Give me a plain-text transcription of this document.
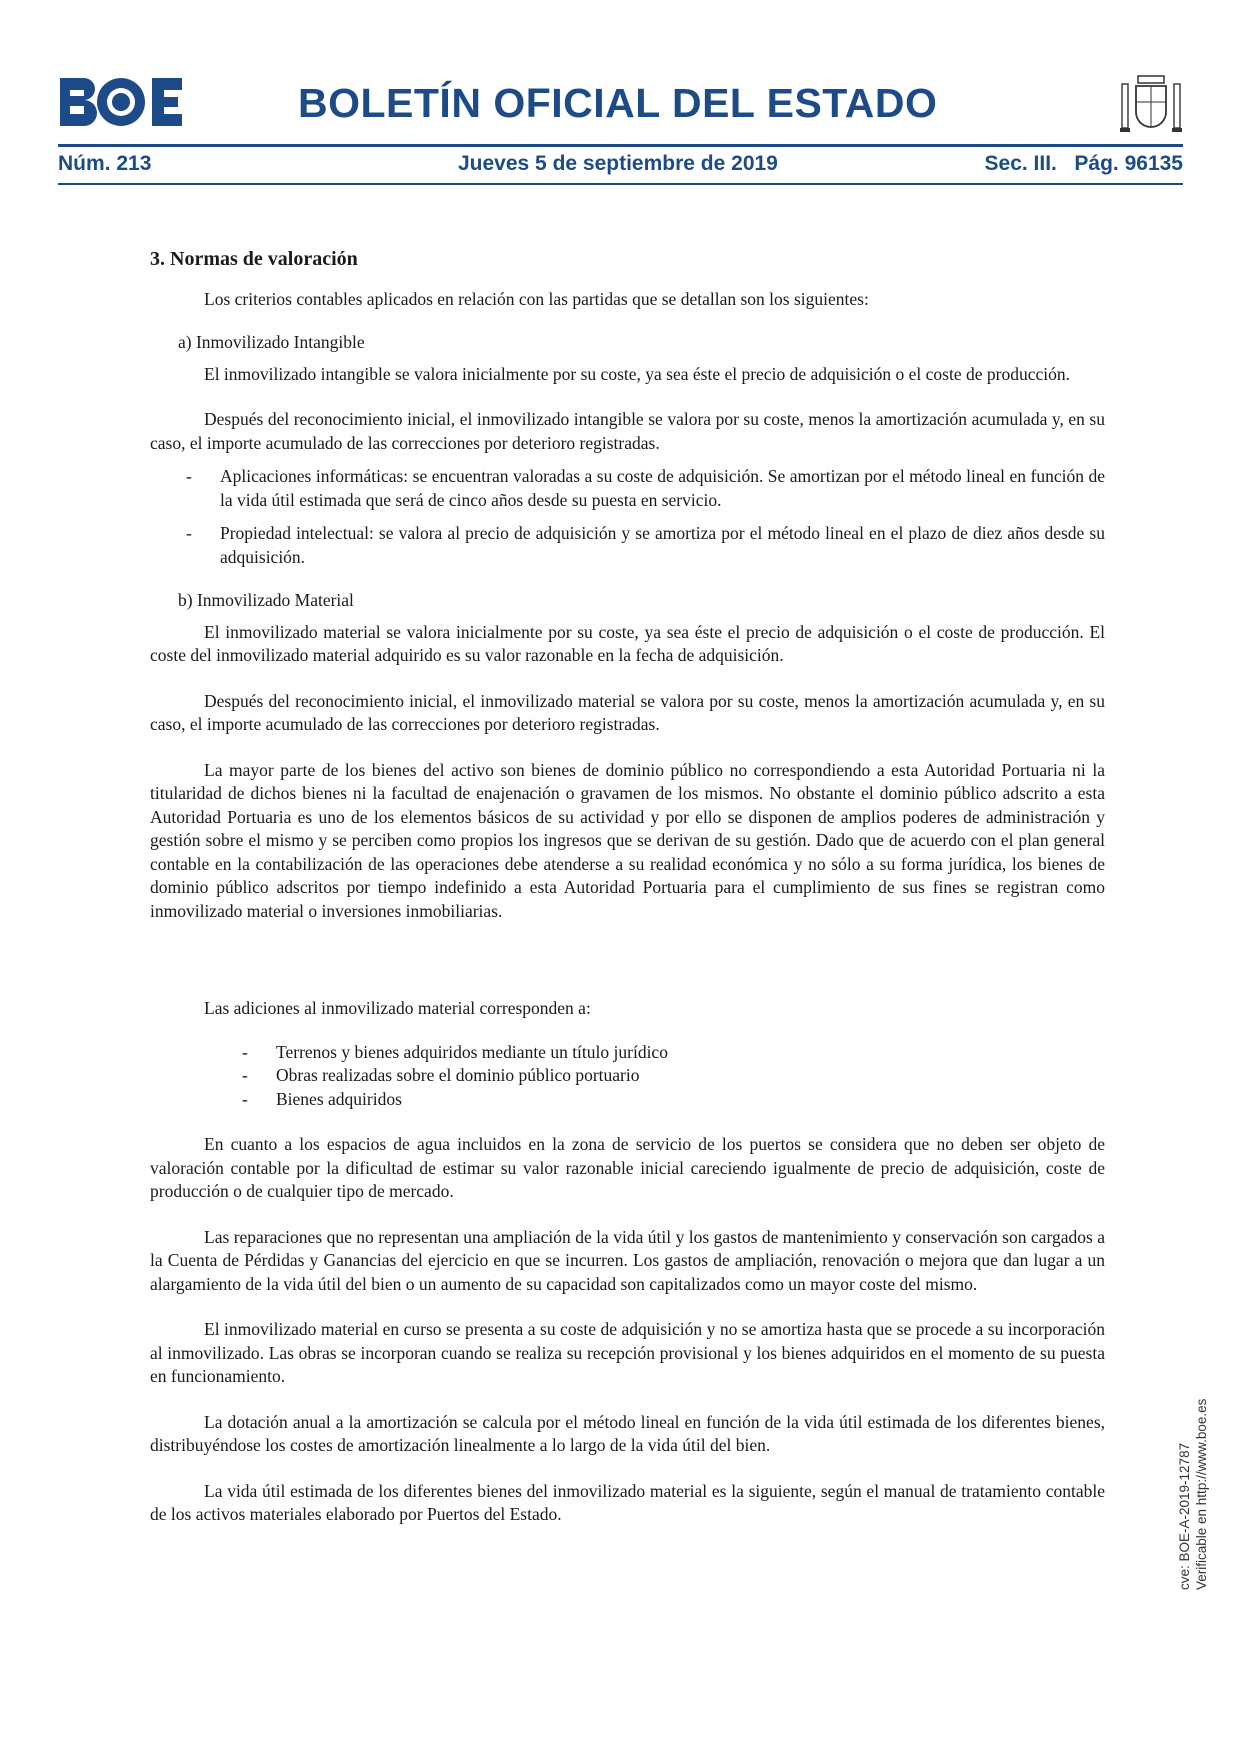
BOLETÍN OFICIAL DEL ESTADO
Núm. 213	Jueves 5 de septiembre de 2019	Sec. III. Pág. 96135

3. Normas de valoración

Los criterios contables aplicados en relación con las partidas que se detallan son los siguientes:

a) Inmovilizado Intangible

El inmovilizado intangible se valora inicialmente por su coste, ya sea éste el precio de adquisición o el coste de producción.

Después del reconocimiento inicial, el inmovilizado intangible se valora por su coste, menos la amortización acumulada y, en su caso, el importe acumulado de las correcciones por deterioro registradas.

- Aplicaciones informáticas: se encuentran valoradas a su coste de adquisición. Se amortizan por el método lineal en función de la vida útil estimada que será de cinco años desde su puesta en servicio.
- Propiedad intelectual: se valora al precio de adquisición y se amortiza por el método lineal en el plazo de diez años desde su adquisición.

b) Inmovilizado Material

El inmovilizado material se valora inicialmente por su coste, ya sea éste el precio de adquisición o el coste de producción. El coste del inmovilizado material adquirido es su valor razonable en la fecha de adquisición.

Después del reconocimiento inicial, el inmovilizado material se valora por su coste, menos la amortización acumulada y, en su caso, el importe acumulado de las correcciones por deterioro registradas.

La mayor parte de los bienes del activo son bienes de dominio público no correspondiendo a esta Autoridad Portuaria ni la titularidad de dichos bienes ni la facultad de enajenación o gravamen de los mismos. No obstante el dominio público adscrito a esta Autoridad Portuaria es uno de los elementos básicos de su actividad y por ello se disponen de amplios poderes de administración y gestión sobre el mismo y se perciben como propios los ingresos que se derivan de su gestión. Dado que de acuerdo con el plan general contable en la contabilización de las operaciones debe atenderse a su realidad económica y no sólo a su forma jurídica, los bienes de dominio público adscritos por tiempo indefinido a esta Autoridad Portuaria para el cumplimiento de sus fines se registran como inmovilizado material o inversiones inmobiliarias.

Las adiciones al inmovilizado material corresponden a:

- Terrenos y bienes adquiridos mediante un título jurídico
- Obras realizadas sobre el dominio público portuario
- Bienes adquiridos

En cuanto a los espacios de agua incluidos en la zona de servicio de los puertos se considera que no deben ser objeto de valoración contable por la dificultad de estimar su valor razonable inicial careciendo igualmente de precio de adquisición, coste de producción o de cualquier tipo de mercado.

Las reparaciones que no representan una ampliación de la vida útil y los gastos de mantenimiento y conservación son cargados a la Cuenta de Pérdidas y Ganancias del ejercicio en que se incurren. Los gastos de ampliación, renovación o mejora que dan lugar a un alargamiento de la vida útil del bien o un aumento de su capacidad son capitalizados como un mayor coste del mismo.

El inmovilizado material en curso se presenta a su coste de adquisición y no se amortiza hasta que se procede a su incorporación al inmovilizado. Las obras se incorporan cuando se realiza su recepción provisional y los bienes adquiridos en el momento de su puesta en funcionamiento.

La dotación anual a la amortización se calcula por el método lineal en función de la vida útil estimada de los diferentes bienes, distribuyéndose los costes de amortización linealmente a lo largo de la vida útil del bien.

La vida útil estimada de los diferentes bienes del inmovilizado material es la siguiente, según el manual de tratamiento contable de los activos materiales elaborado por Puertos del Estado.	cve: BOE-A-2019-12787 Verificable en http://www.boe.es
